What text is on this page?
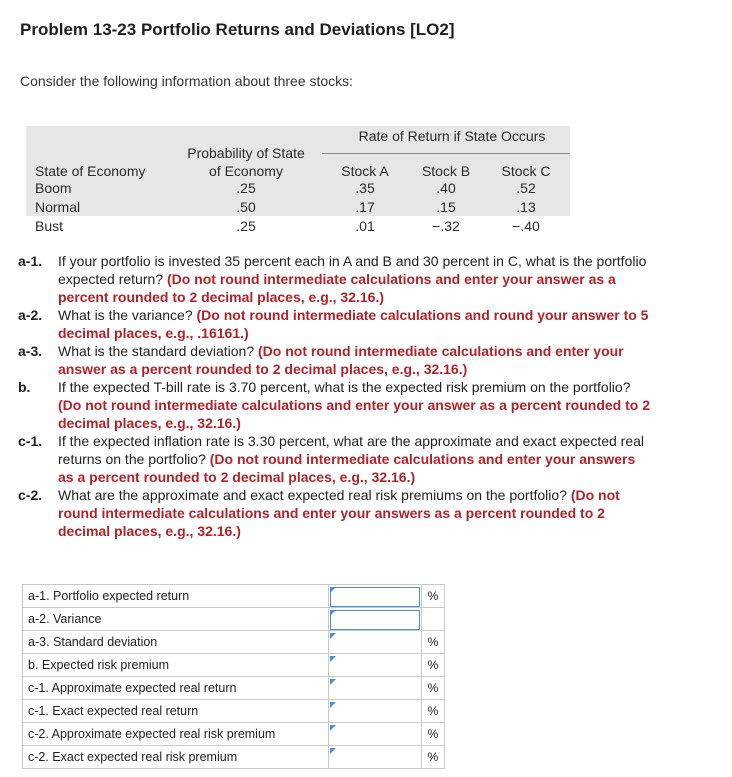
Problem 13-23 Portfolio Returns and Deviations [LO2]
Consider the following information about three stocks:
Rate of Return if State Occurs
State of Economy
Probability of State
of Economy	Stock A	Stock B	Stock C
Boom	.25	.35	.40	.52
Normal	.50	.17	.15	.13
Bust	.25	.01	−.32	−.40

a-1. If your portfolio is invested 35 percent each in A and B and 30 percent in C, what is the portfolio expected return? (Do not round intermediate calculations and enter your answer as a percent rounded to 2 decimal places, e.g., 32.16.)

a-2. What is the variance? (Do not round intermediate calculations and round your answer to 5 decimal places, e.g., .16161.)

a-3. What is the standard deviation? (Do not round intermediate calculations and enter your answer as a percent rounded to 2 decimal places, e.g., 32.16.)

b. If the expected T-bill rate is 3.70 percent, what is the expected risk premium on the portfolio? (Do not round intermediate calculations and enter your answer as a percent rounded to 2 decimal places, e.g., 32.16.)

c-1. If the expected inflation rate is 3.30 percent, what are the approximate and exact expected real returns on the portfolio? (Do not round intermediate calculations and enter your answers as a percent rounded to 2 decimal places, e.g., 32.16.)

c-2. What are the approximate and exact expected real risk premiums on the portfolio? (Do not round intermediate calculations and enter your answers as a percent rounded to 2 decimal places, e.g., 32.16.)

a-1. Portfolio expected return		%
a-2. Variance	

a-3. Standard deviation		%
b. Expected risk premium		%
c-1. Approximate expected real return		%
c-1. Exact expected real return		%
c-2. Approximate expected real risk premium		%
c-2. Exact expected real risk premium		%
